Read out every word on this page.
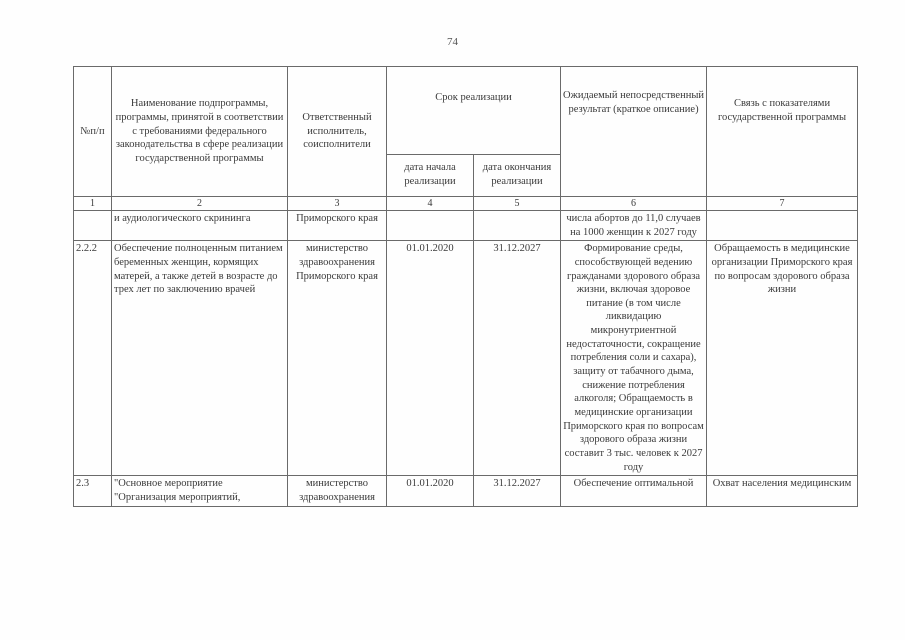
74
№п/п	Наименование подпрограммы, программы, принятой в соответствии с требованиями федерального законодательства в сфере реализации государственной программы	Ответственный исполнитель, соисполнители	Срок реализации		Ожидаемый непосредственный результат (краткое описание)	Связь с показателями государственной программы
			дата начала реализации	дата окончания реализации		
1	2	3	4	5	6	7
	и аудиологического скрининга	Приморского края			числа абортов до 11,0 случаев на 1000 женщин к 2027 году	
2.2.2	Обеспечение полноценным питанием беременных женщин, кормящих матерей, а также детей в возрасте до трех лет по заключению врачей	министерство здравоохранения Приморского края	01.01.2020	31.12.2027	Формирование среды, способствующей ведению гражданами здорового образа жизни, включая здоровое питание (в том числе ликвидацию микронутриентной недостаточности, сокращение потребления соли и сахара), защиту от табачного дыма, снижение потребления алкоголя; Обращаемость в медицинские организации Приморского края по вопросам здорового образа жизни составит 3 тыс. человек к 2027 году	Обращаемость в медицинские организации Приморского края по вопросам здорового образа жизни
2.3	"Основное мероприятие "Организация мероприятий,	министерство здравоохранения	01.01.2020	31.12.2027	Обеспечение оптимальной	Охват населения медицинским
